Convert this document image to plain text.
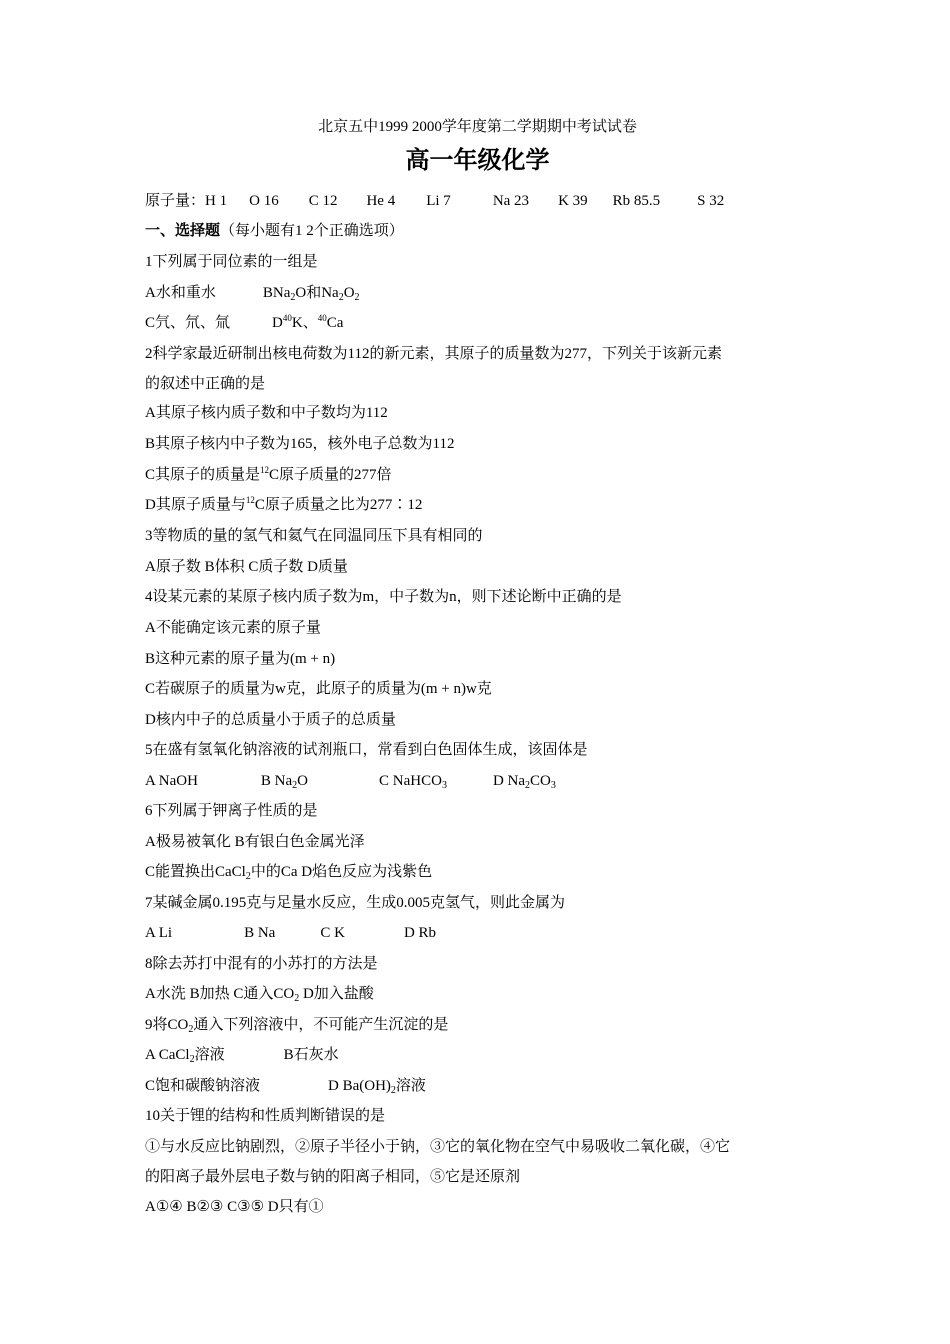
北京五中1999 2000学年度第二学期期中考试试卷
高一年级化学
原子量：H 1 O 16 C 12 He 4 Li 7	Na 23 K 39 Rb 85.5 S 32
一、选择题（每小题有1 2个正确选项）
1下列属于同位素的一组是
A水和重水	BNa$_2$O和$Na_2O_2$
C氕、氘、氚	$D^{40}K$、$^{40}$Ca
2科学家最近研制出核电荷数为112的新元素，其原子的质量数为277，下列关于该新元素
的叙述中正确的是
A其原子核内质子数和中子数均为112
B其原子核内中子数为165，核外电子总数为112
C其原子的质量是$^{12}$C原子质量的277倍
D其原子质量与$^{12}$C原子质量之比为277∶12
3等物质的量的氢气和氦气在同温同压下具有相同的
A原子数 B体积 C质子数 D质量
4设某元素的某原子核内质子数为m，中子数为n，则下述论断中正确的是
A不能确定该元素的原子量
B这种元素的原子量为(m + n)
C若碳原子的质量为w克，此原子的质量为(m + n)w克
D核内中子的总质量小于质子的总质量
5在盛有氢氧化钠溶液的试剂瓶口，常看到白色固体生成，该固体是
A NaOH	B $Na_2O$	C NaHCO$_3$	D $Na_2CO_3$
6下列属于钾离子性质的是
A极易被氧化 B有银白色金属光泽
C能置换出CaCl$_2$中的Ca D焰色反应为浅紫色
7某碱金属0.195克与足量水反应，生成0.005克氢气，则此金属为
A Li	B Na	C K	D Rb
8除去苏打中混有的小苏打的方法是
A水洗 B加热 C通入$CO_2$ D加入盐酸
9将$CO_2$通入下列溶液中，不可能产生沉淀的是
A CaCl$_2$溶液	B石灰水
C饱和碳酸钠溶液	D $Ba(OH)_2$溶液
10关于锂的结构和性质判断错误的是
①与水反应比钠剧烈，②原子半径小于钠，③它的氧化物在空气中易吸收二氧化碳，④它
的阳离子最外层电子数与钠的阳离子相同，⑤它是还原剂
A①④ B②③ C③⑤ D只有①
